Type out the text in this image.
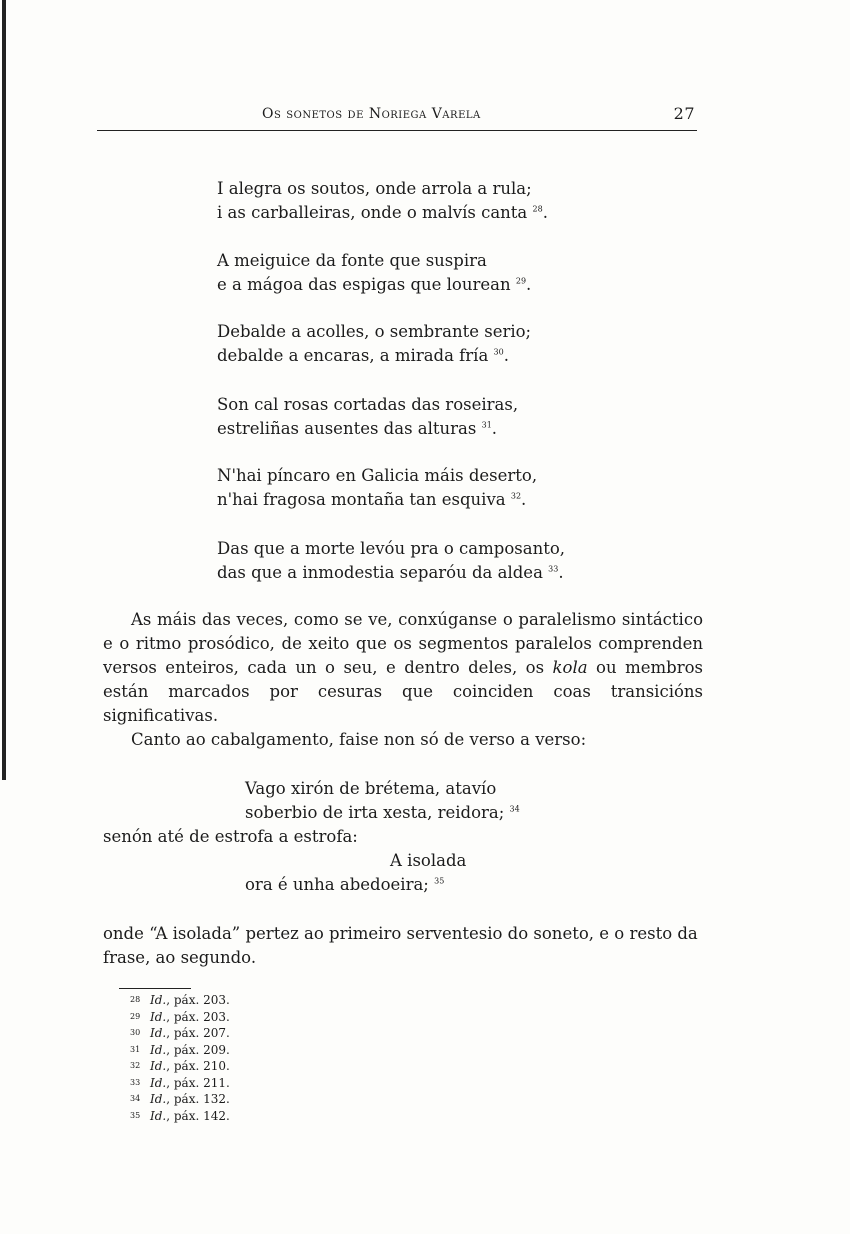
Os sonetos de Noriega Varela	27
I alegra os soutos, onde arrola a rula;
i as carballeiras, onde o malvís canta $^{28}$.
A meiguice da fonte que suspira
e a mágoa das espigas que lourean $^{29}$.
Debalde a acolles, o sembrante serio;
debalde a encaras, a mirada fría $^{30}$.
Son cal rosas cortadas das roseiras,
estreliñas ausentes das alturas $^{31}$.
N'hai píncaro en Galicia máis deserto,
n'hai fragosa montaña tan esquiva $^{32}$.
Das que a morte levóu pra o camposanto,
das que a inmodestia separóu da aldea $^{33}$.

As máis das veces, como se ve, conxúganse o paralelismo sintáctico e o ritmo prosódico, de xeito que os segmentos paralelos comprenden versos enteiros, cada un o seu, e dentro deles, os kola ou membros están marcados por cesuras que coinciden coas transicións significativas.

Canto ao cabalgamento, faise non só de verso a verso:

Vago xirón de brétema, atavío
soberbio de irta xesta, reidora; $^{34}$
senón até de estrofa a estrofa:
A isolada
ora é unha abedoeira; $^{35}$

onde “A isolada” pertez ao primeiro serventesio do soneto, e o resto da frase, ao segundo.

28 Id., páx. 203.
29 Id., páx. 203.
30 Id., páx. 207.
31 Id., páx. 209.
32 Id., páx. 210.
33 Id., páx. 211.
34 Id., páx. 132.
35 Id., páx. 142.
